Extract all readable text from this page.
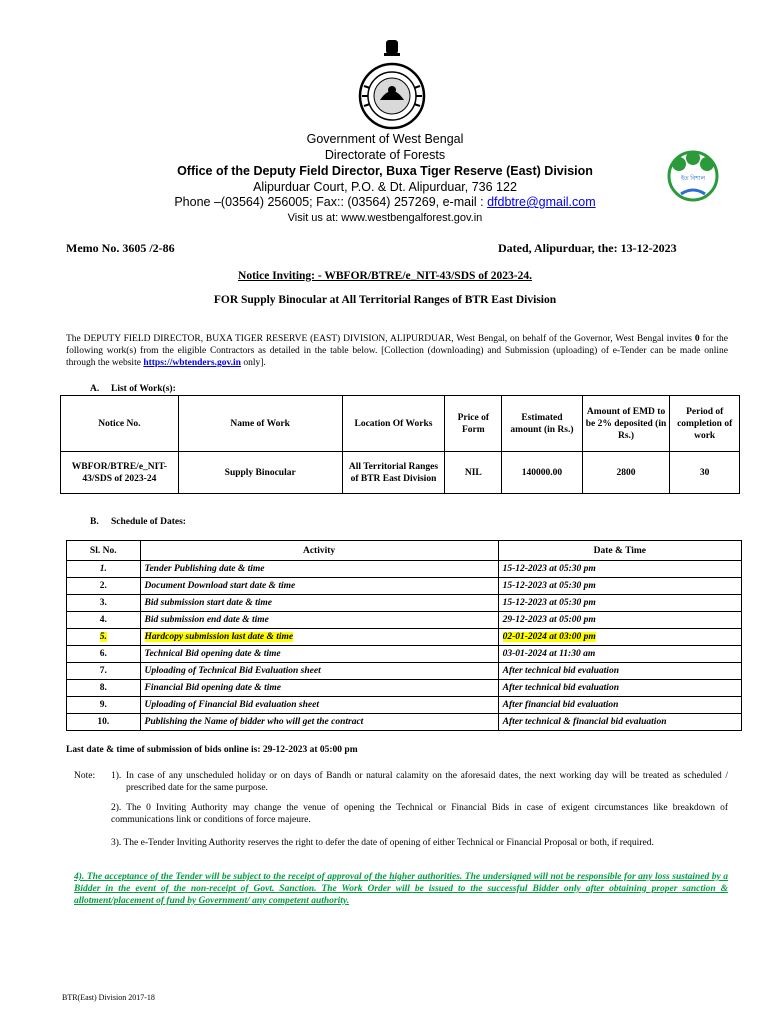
ইত বিশাল
Government of West Bengal
Directorate of Forests
Office of the Deputy Field Director, Buxa Tiger Reserve (East) Division
Alipurduar Court, P.O. & Dt. Alipurduar, 736 122
Phone –(03564) 256005; Fax:: (03564) 257269, e-mail : dfdbtre@gmail.com
Visit us at: www.westbengalforest.gov.in
Memo No. 3605 /2-86	Dated, Alipurduar, the: 13-12-2023
Notice Inviting: - WBFOR/BTRE/e_NIT-43/SDS of 2023-24.
FOR Supply Binocular at All Territorial Ranges of BTR East Division
The DEPUTY FIELD DIRECTOR, BUXA TIGER RESERVE (EAST) DIVISION, ALIPURDUAR, West Bengal, on behalf of the Governor, West Bengal invites 0 for the following work(s) from the eligible Contractors as detailed in the table below. [Collection (downloading) and Submission (uploading) of e-Tender can be made online through the website https://wbtenders.gov.in only].
A. List of Work(s):
Notice No.	Name of Work	Location Of Works	Price of Form	Estimated amount (in Rs.)	Amount of EMD to be 2% deposited (in Rs.)	Period of completion of work
WBFOR/BTRE/e_NIT-43/SDS of 2023-24	Supply Binocular	All Territorial Ranges of BTR East Division	NIL	140000.00	2800	30
B. Schedule of Dates:
Sl. No.	Activity	Date & Time
1.	Tender Publishing date & time	15-12-2023 at 05:30 pm
2.	Document Download start date & time	15-12-2023 at 05:30 pm
3.	Bid submission start date & time	15-12-2023 at 05:30 pm
4.	Bid submission end date & time	29-12-2023 at 05:00 pm
5.	Hardcopy submission last date & time	02-01-2024 at 03:00 pm
6.	Technical Bid opening date & time	03-01-2024 at 11:30 am
7.	Uploading of Technical Bid Evaluation sheet	After technical bid evaluation
8.	Financial Bid opening date & time	After technical bid evaluation
9.	Uploading of Financial Bid evaluation sheet	After financial bid evaluation
10.	Publishing the Name of bidder who will get the contract	After technical & financial bid evaluation
Last date & time of submission of bids online is: 29-12-2023 at 05:00 pm
Note: 1). In case of any unscheduled holiday or on days of Bandh or natural calamity on the aforesaid dates, the next working day will be treated as scheduled / prescribed date for the same purpose.
2). The 0 Inviting Authority may change the venue of opening the Technical or Financial Bids in case of exigent circumstances like breakdown of communications link or conditions of force majeure.
3). The e-Tender Inviting Authority reserves the right to defer the date of opening of either Technical or Financial Proposal or both, if required.
4). The acceptance of the Tender will be subject to the receipt of approval of the higher authorities. The undersigned will not be responsible for any loss sustained by a Bidder in the event of the non-receipt of Govt. Sanction. The Work Order will be issued to the successful Bidder only after obtaining proper sanction & allotment/placement of fund by Government/ any competent authority.
BTR(East) Division 2017-18
